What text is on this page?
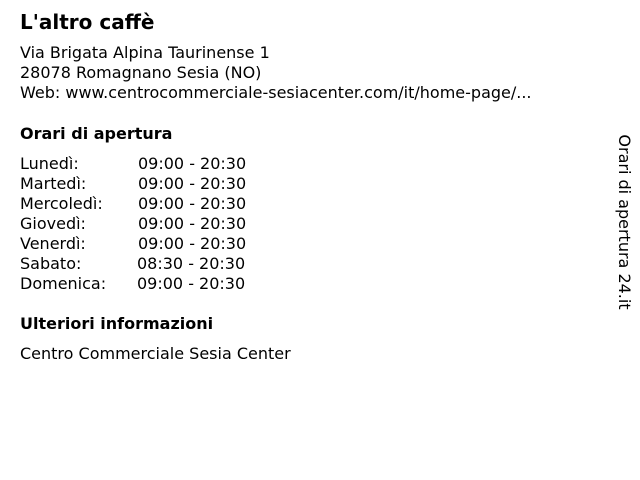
L'altro caffè
Via Brigata Alpina Taurinense 1
28078 Romagnano Sesia (NO)
Web: www.centrocommerciale-sesiacenter.com/it/home-page/...
Orari di apertura
Lunedì:	09:00 - 20:30
Martedì:	09:00 - 20:30
Mercoledì: 09:00 - 20:30
Giovedì:	09:00 - 20:30
Venerdì:	09:00 - 20:30
Sabato:	08:30 - 20:30
Domenica: 09:00 - 20:30
Ulteriori informazioni
Centro Commerciale Sesia Center
Orari di apertura 24.it
